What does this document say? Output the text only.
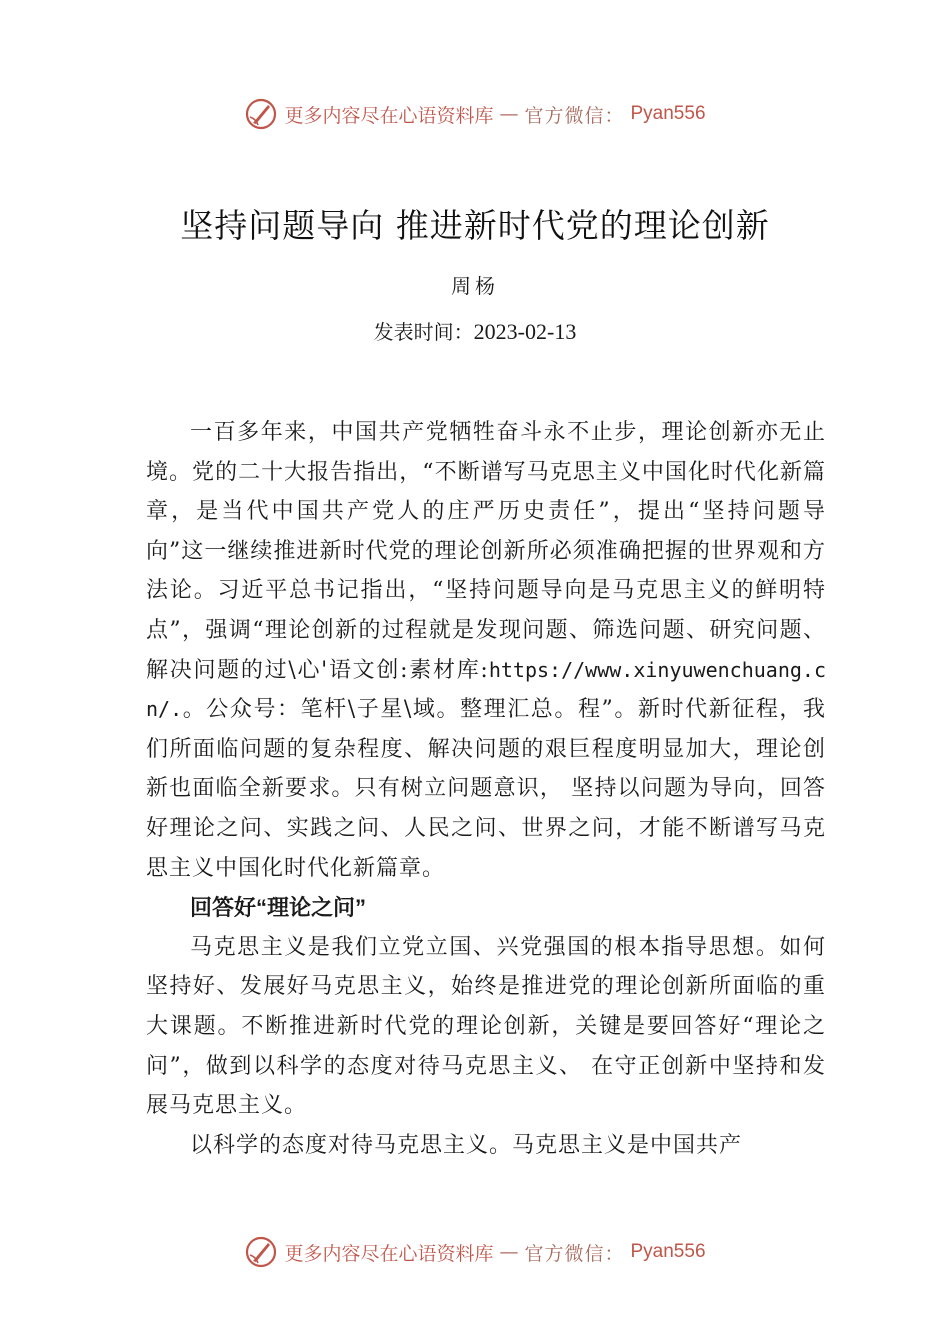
更多内容尽在心语资料库 — 官方微信： Pyan556
坚持问题导向 推进新时代党的理论创新
周杨
发表时间：2023-02-13

一百多年来，中国共产党牺牲奋斗永不止步，理论创新亦无止境。党的二十大报告指出，“不断谱写马克思主义中国化时代化新篇章，是当代中国共产党人的庄严历史责任”，提出“坚持问题导向”这一继续推进新时代党的理论创新所必须准确把握的世界观和方法论。习近平总书记指出，“坚持问题导向是马克思主义的鲜明特点”，强调“理论创新的过程就是发现问题、筛选问题、研究问题、解决问题的过\心'语文创:素材库:https://www.xinyuwenchuang.cn/.。公众号：笔杆\子星\域。整理汇总。程”。新时代新征程，我们所面临问题的复杂程度、解决问题的艰巨程度明显加大，理论创新也面临全新要求。只有树立问题意识， 坚持以问题为导向，回答好理论之问、实践之问、人民之问、世界之问，才能不断谱写马克思主义中国化时代化新篇章。

回答好“理论之问”

马克思主义是我们立党立国、兴党强国的根本指导思想。如何坚持好、发展好马克思主义，始终是推进党的理论创新所面临的重大课题。不断推进新时代党的理论创新，关键是要回答好“理论之问”，做到以科学的态度对待马克思主义、 在守正创新中坚持和发展马克思主义。

以科学的态度对待马克思主义。马克思主义是中国共产

更多内容尽在心语资料库 — 官方微信： Pyan556
